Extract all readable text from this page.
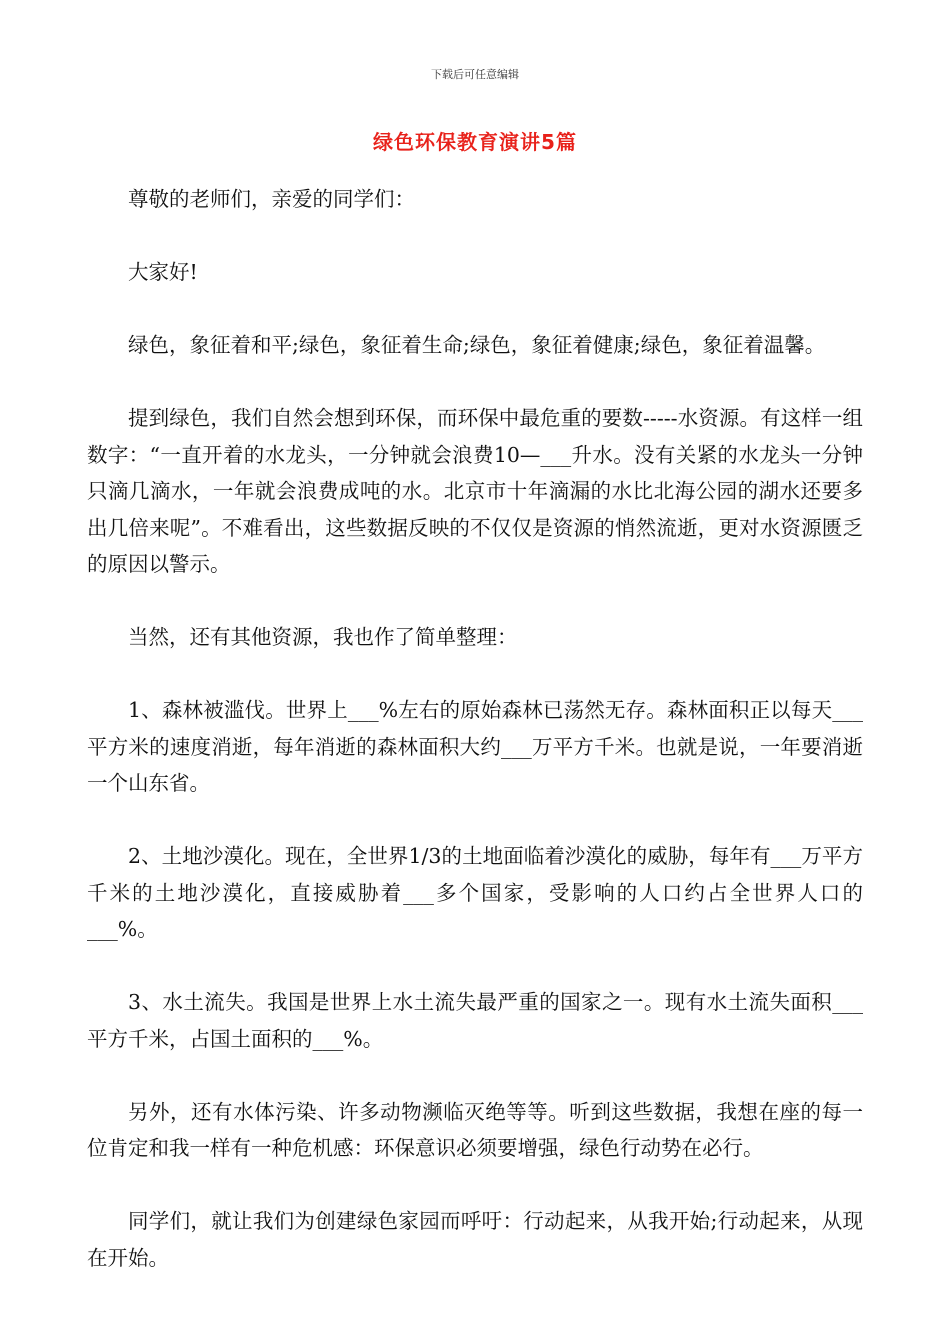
下载后可任意编辑
绿色环保教育演讲5篇

尊敬的老师们，亲爱的同学们：

大家好!

绿色，象征着和平;绿色，象征着生命;绿色，象征着健康;绿色，象征着温馨。

提到绿色，我们自然会想到环保，而环保中最危重的要数-----水资源。有这样一组数字：“一直开着的水龙头，一分钟就会浪费10—___升水。没有关紧的水龙头一分钟只滴几滴水，一年就会浪费成吨的水。北京市十年滴漏的水比北海公园的湖水还要多出几倍来呢”。不难看出，这些数据反映的不仅仅是资源的悄然流逝，更对水资源匮乏的原因以警示。

当然，还有其他资源，我也作了简单整理：

1、森林被滥伐。世界上___%左右的原始森林已荡然无存。森林面积正以每天___平方米的速度消逝，每年消逝的森林面积大约___万平方千米。也就是说，一年要消逝一个山东省。

2、土地沙漠化。现在，全世界1/3的土地面临着沙漠化的威胁，每年有___万平方千米的土地沙漠化，直接威胁着___多个国家，受影响的人口约占全世界人口的___%。

3、水土流失。我国是世界上水土流失最严重的国家之一。现有水土流失面积___平方千米，占国土面积的___%。

另外，还有水体污染、许多动物濒临灭绝等等。听到这些数据，我想在座的每一位肯定和我一样有一种危机感：环保意识必须要增强，绿色行动势在必行。

同学们，就让我们为创建绿色家园而呼吁：行动起来，从我开始;行动起来，从现在开始。
